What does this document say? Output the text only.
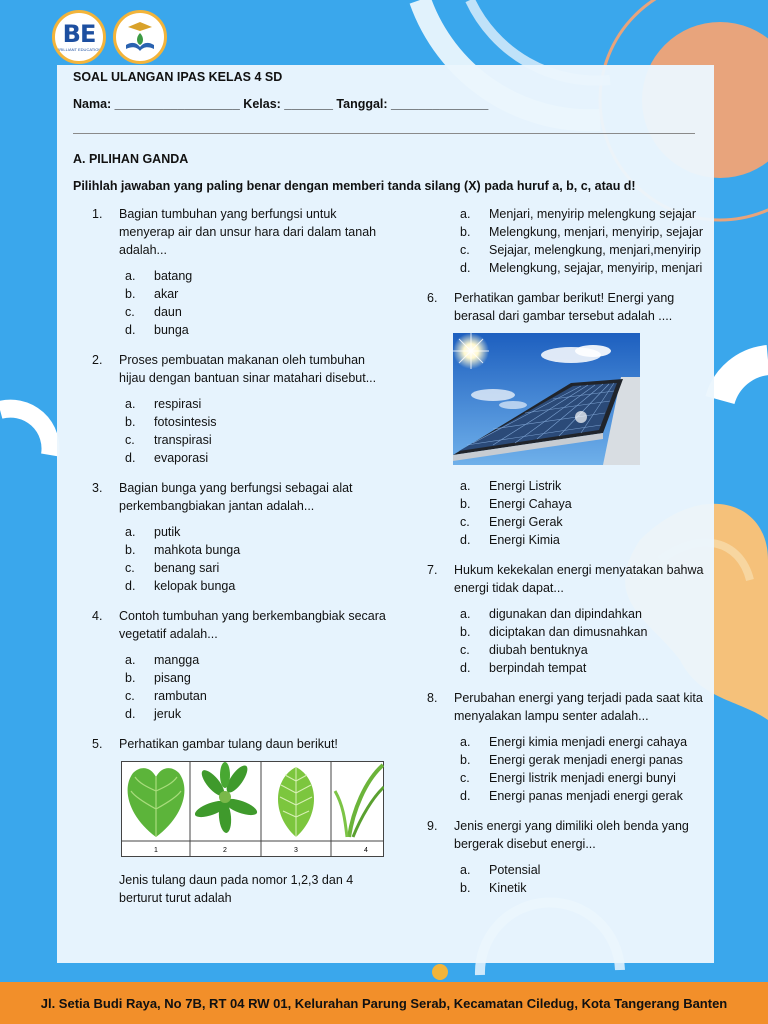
BE
BRILLIANT EDUCATION
SOAL ULANGAN IPAS KELAS 4 SD
Nama: __________________ Kelas: _______ Tanggal: ______________
A. PILIHAN GANDA
Pilihlah jawaban yang paling benar dengan memberi tanda silang (X) pada huruf a, b, c, atau d!
1.	Bagian tumbuhan yang berfungsi untuk menyerap air dan unsur hara dari dalam tanah adalah...
a.	batang
b.	akar
c.	daun
d.	bunga
2.	Proses pembuatan makanan oleh tumbuhan hijau dengan bantuan sinar matahari disebut...
a.	respirasi
b.	fotosintesis
c.	transpirasi
d.	evaporasi
3.	Bagian bunga yang berfungsi sebagai alat perkembangbiakan jantan adalah...
a.	putik
b.	mahkota bunga
c.	benang sari
d.	kelopak bunga
4.	Contoh tumbuhan yang berkembangbiak secara vegetatif adalah...
a.	mangga
b.	pisang
c.	rambutan
d.	jeruk
5.	Perhatikan gambar tulang daun berikut!
1	2	3	4
Jenis tulang daun pada nomor 1,2,3 dan 4 berturut turut adalah
a.	Menjari, menyirip melengkung sejajar
b.	Melengkung, menjari, menyirip, sejajar
c.	Sejajar, melengkung, menjari,menyirip
d.	Melengkung, sejajar, menyirip, menjari
6.	Perhatikan gambar berikut! Energi yang berasal dari gambar tersebut adalah ....
a.	Energi Listrik
b.	Energi Cahaya
c.	Energi Gerak
d.	Energi Kimia
7.	Hukum kekekalan energi menyatakan bahwa energi tidak dapat...
a.	digunakan dan dipindahkan
b.	diciptakan dan dimusnahkan
c.	diubah bentuknya
d.	berpindah tempat
8.	Perubahan energi yang terjadi pada saat kita menyalakan lampu senter adalah...
a.	Energi kimia menjadi energi cahaya
b.	Energi gerak menjadi energi panas
c.	Energi listrik menjadi energi bunyi
d.	Energi panas menjadi energi gerak
9.	Jenis energi yang dimiliki oleh benda yang bergerak disebut energi...
a.	Potensial
b.	Kinetik
Jl. Setia Budi Raya, No 7B, RT 04 RW 01, Kelurahan Parung Serab, Kecamatan Ciledug, Kota Tangerang Banten
